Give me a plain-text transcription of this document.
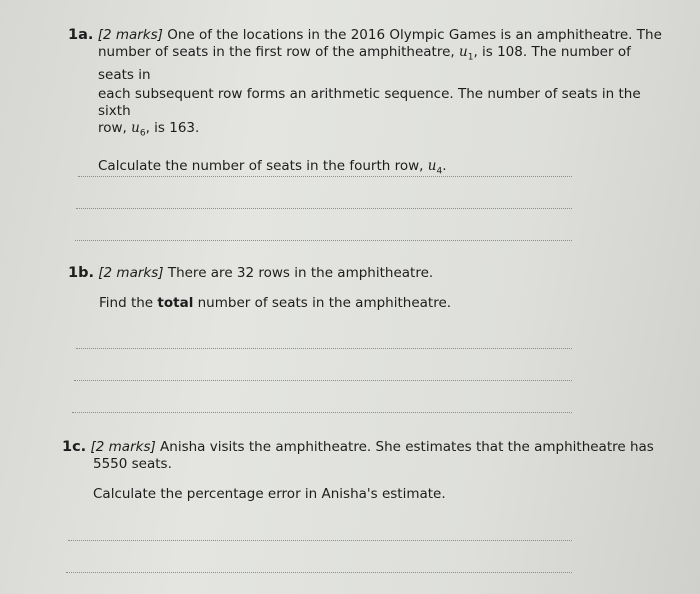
1a. [2 marks] One of the locations in the 2016 Olympic Games is an amphitheatre. The
number of seats in the first row of the amphitheatre, $u_1$, is 108. The number of seats in
each subsequent row forms an arithmetic sequence. The number of seats in the sixth
row, $u_6$, is 163.
Calculate the number of seats in the fourth row, $u_4$.
1b. [2 marks] There are 32 rows in the amphitheatre.
Find the total number of seats in the amphitheatre.
1c. [2 marks] Anisha visits the amphitheatre. She estimates that the amphitheatre has
5550 seats.
Calculate the percentage error in Anisha's estimate.
